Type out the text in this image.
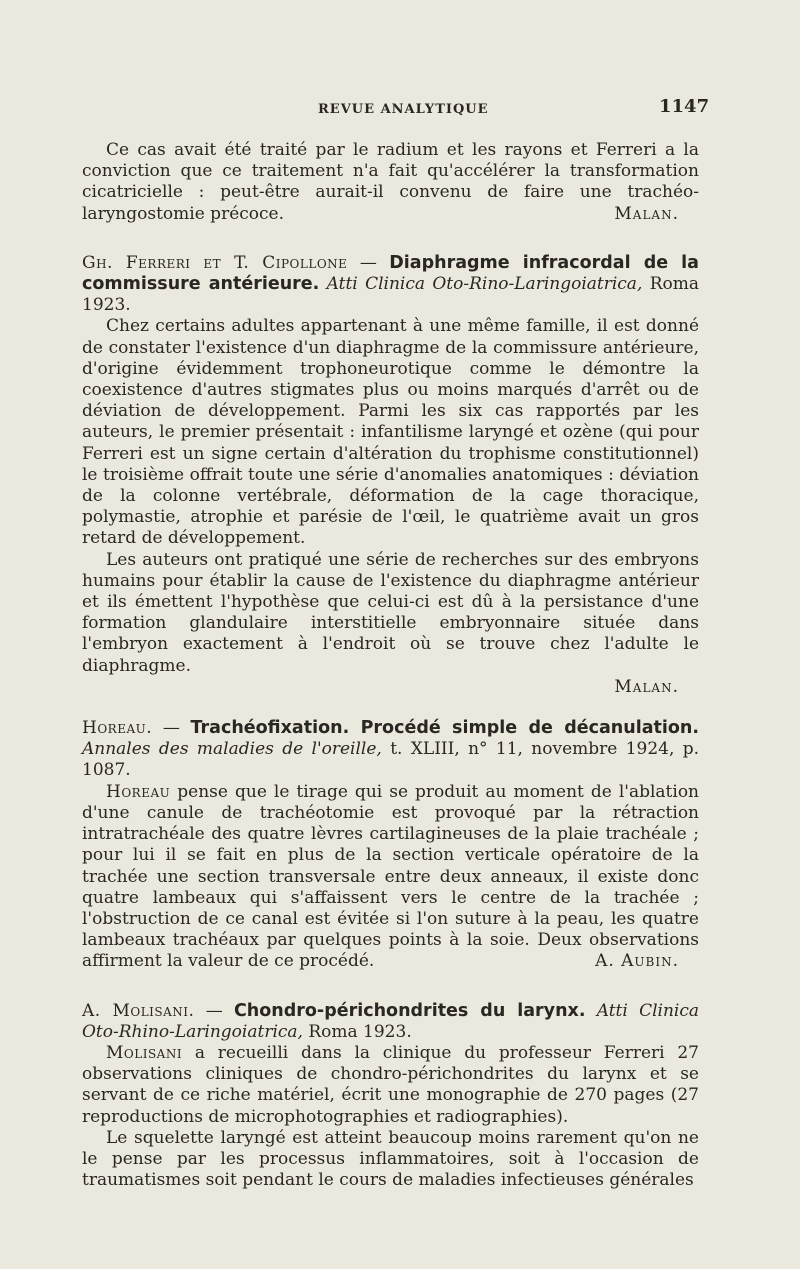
REVUE ANALYTIQUE	1147

Ce cas avait été traité par le radium et les rayons et Ferreri a la conviction que ce traitement n'a fait qu'accélérer la transformation cicatricielle : peut-être aurait-il convenu de faire une trachéo-laryngostomie précoce.	Malan.

Gh. Ferreri et T. Cipollone — Diaphragme infracordal de la commissure antérieure. Atti Clinica Oto-Rino-Laringoiatrica, Roma 1923.

Chez certains adultes appartenant à une même famille, il est donné de constater l'existence d'un diaphragme de la commissure antérieure, d'origine évidemment trophoneurotique comme le démontre la coexistence d'autres stigmates plus ou moins marqués d'arrêt ou de déviation de développement. Parmi les six cas rapportés par les auteurs, le premier présentait : infantilisme laryngé et ozène (qui pour Ferreri est un signe certain d'altération du trophisme constitutionnel) le troisième offrait toute une série d'anomalies anatomiques : déviation de la colonne vertébrale, déformation de la cage thoracique, polymastie, atrophie et parésie de l'œil, le quatrième avait un gros retard de développement.

Les auteurs ont pratiqué une série de recherches sur des embryons humains pour établir la cause de l'existence du diaphragme antérieur et ils émettent l'hypothèse que celui-ci est dû à la persistance d'une formation glandulaire interstitielle embryonnaire située dans l'embryon exactement à l'endroit où se trouve chez l'adulte le diaphragme.

Malan.

Horeau. — Trachéofixation. Procédé simple de décanulation. Annales des maladies de l'oreille, t. XLIII, n° 11, novembre 1924, p. 1087.

Horeau pense que le tirage qui se produit au moment de l'ablation d'une canule de trachéotomie est provoqué par la rétraction intratrachéale des quatre lèvres cartilagineuses de la plaie trachéale ; pour lui il se fait en plus de la section verticale opératoire de la trachée une section transversale entre deux anneaux, il existe donc quatre lambeaux qui s'affaissent vers le centre de la trachée ; l'obstruction de ce canal est évitée si l'on suture à la peau, les quatre lambeaux trachéaux par quelques points à la soie. Deux observations affirment la valeur de ce procédé.	A. Aubin.

A. Molisani. — Chondro-périchondrites du larynx. Atti Clinica Oto-Rhino-Laringoiatrica, Roma 1923.

Molisani a recueilli dans la clinique du professeur Ferreri 27 observations cliniques de chondro-périchondrites du larynx et se servant de ce riche matériel, écrit une monographie de 270 pages (27 reproductions de microphotographies et radiographies).

Le squelette laryngé est atteint beaucoup moins rarement qu'on ne le pense par les processus inflammatoires, soit à l'occasion de traumatismes soit pendant le cours de maladies infectieuses générales
